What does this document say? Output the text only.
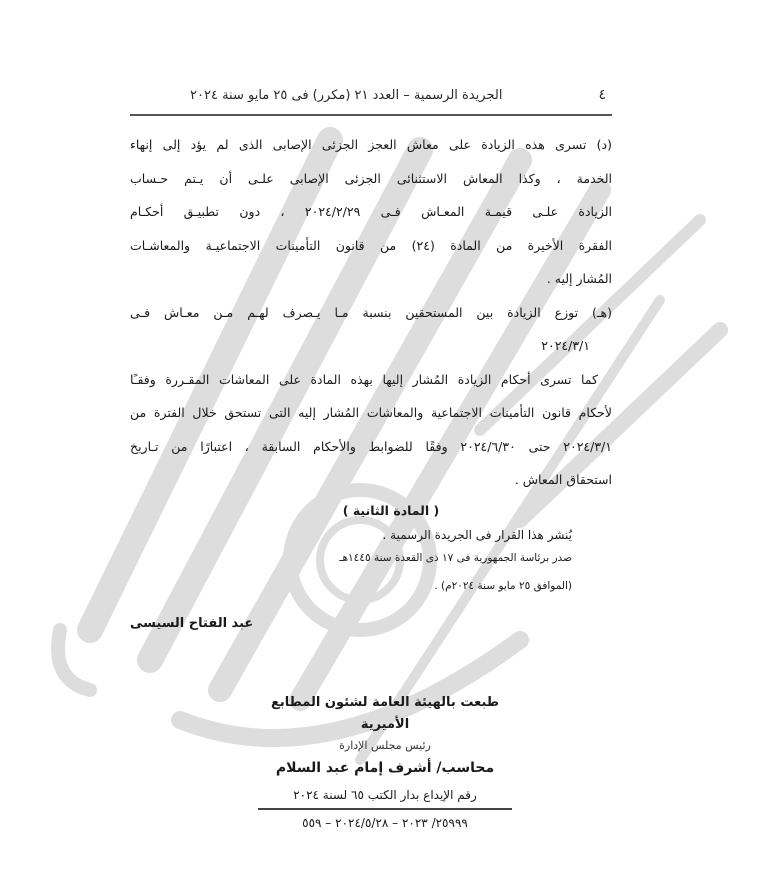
٤
الجريدة الرسمية – العدد ٢١ (مكرر) فى ٢٥ مايو سنة ٢٠٢٤
(د) تسرى هذه الزيادة على معاش العجز الجزئى الإصابى الذى لم يؤد إلى إنهاء
الخدمة ، وكذا المعاش الاستثنائى الجزئى الإصابى علـى أن يـتم حـساب
الزيادة علـى قيمـة المعـاش فـى ٢٠٢٤/٢/٢٩ ، دون تطبيـق أحكـام
الفقرة الأخيرة من المادة (٢٤) من قانون التأمينات الاجتماعيـة والمعاشـات
المُشار إليه .
(هـ) توزع الزيادة بين المستحقين بنسبة مـا يـصرف لهـم مـن معـاش فـى
٢٠٢٤/٣/١
كما تسرى أحكام الزيادة المُشار إليها بهذه المادة على المعاشات المقـررة وفقـًا
لأحكام قانون التأمينات الاجتماعية والمعاشات المُشار إليه التى تستحق خلال الفترة من
٢٠٢٤/٣/١ حتى ٢٠٢٤/٦/٣٠ وفقًا للضوابط والأحكام السابقة ، اعتبارًا من تـاريخ
استحقاق المعاش .
( المادة الثانية )
يُنشر هذا القرار فى الجريدة الرسمية .
صدر برئاسة الجمهورية فى ١٧ ذى القعدة سنة ١٤٤٥هـ
(الموافق ٢٥ مايو سنة ٢٠٢٤م) .
عبد الفتاح السيسى
طبعت بالهيئة العامة لشئون المطابع الأميرية
رئيس مجلس الإدارة
محاسب/ أشرف إمام عبد السلام
رقم الإيداع بدار الكتب ٦٥ لسنة ٢٠٢٤
٢٥٩٩٩/ ٢٠٢٣ – ٢٠٢٤/٥/٢٨ – ٥٥٩
